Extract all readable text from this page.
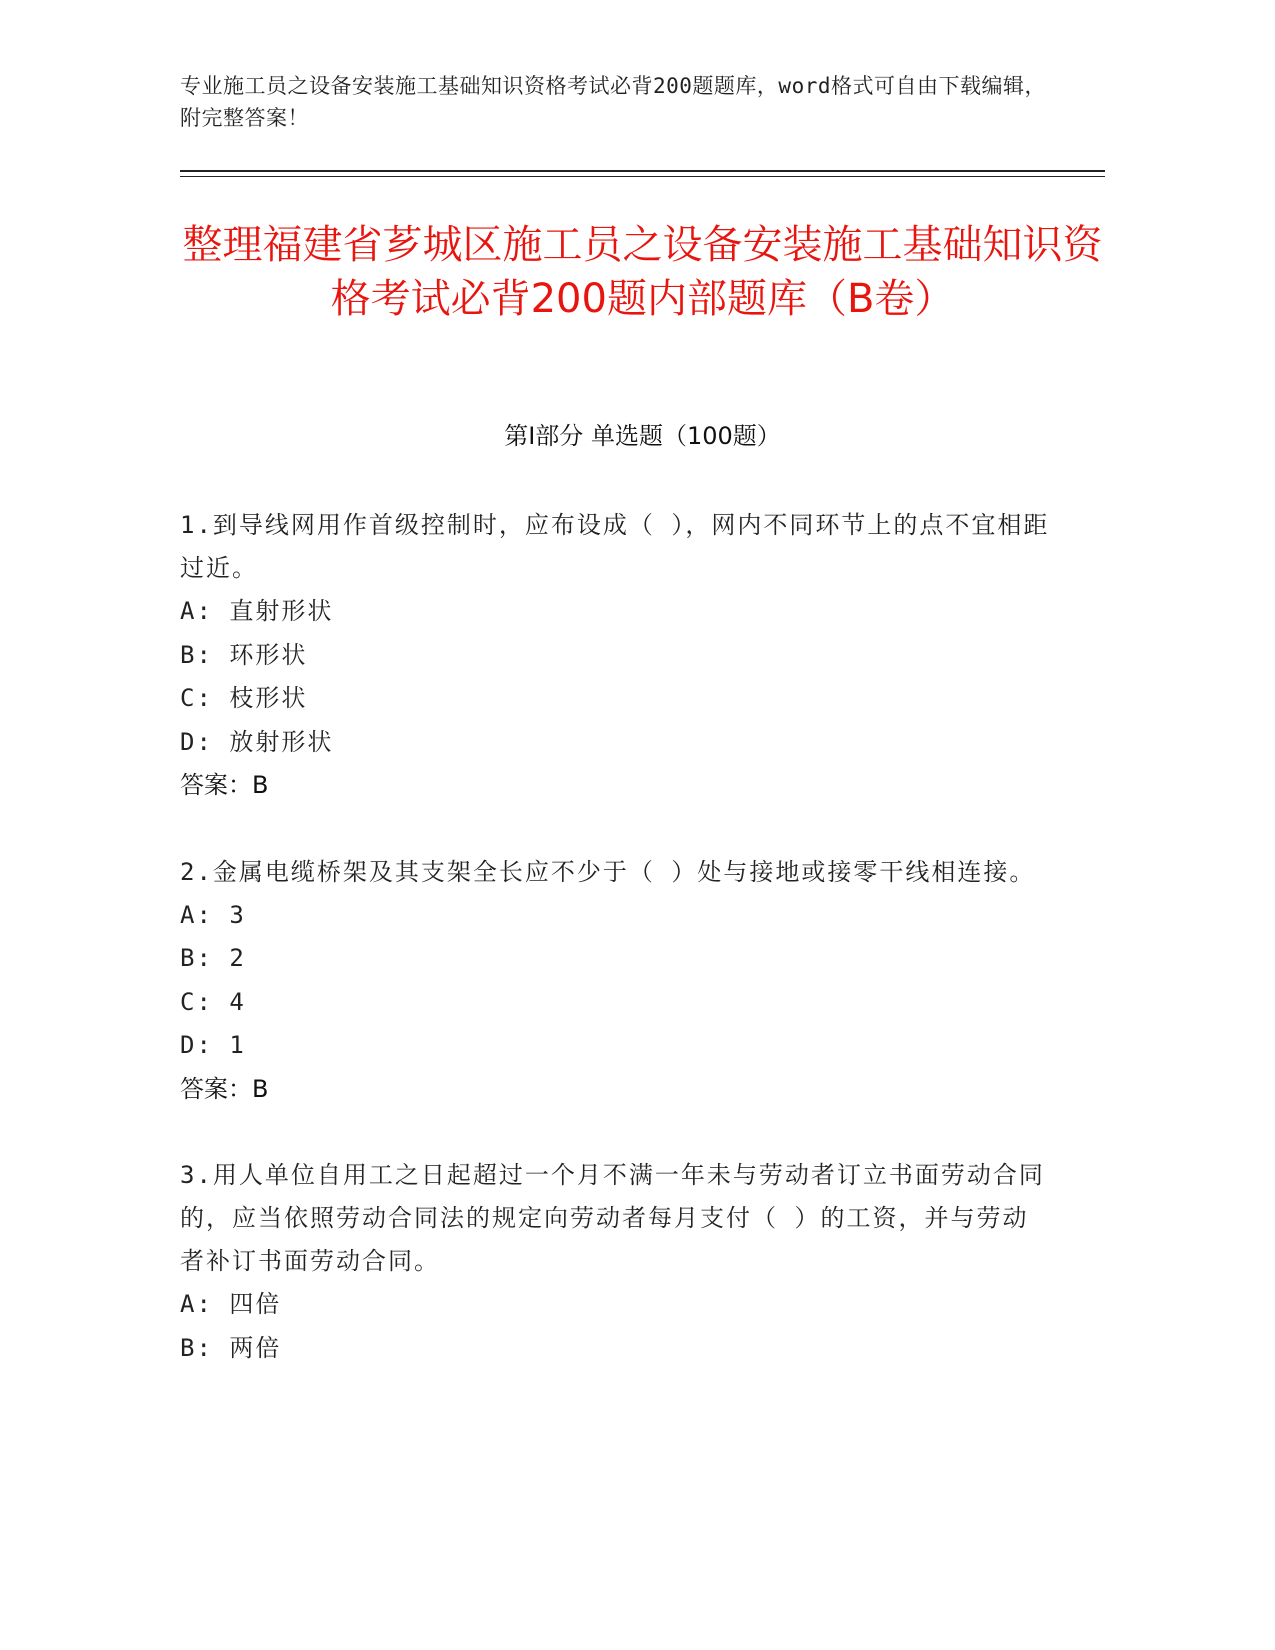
专业施工员之设备安装施工基础知识资格考试必背200题题库，word格式可自由下载编辑，附完整答案！
整理福建省芗城区施工员之设备安装施工基础知识资格考试必背200题内部题库（B卷）
第Ⅰ部分 单选题（100题）
1.到导线网用作首级控制时，应布设成（ ），网内不同环节上的点不宜相距过近。
A: 直射形状
B: 环形状
C: 枝形状
D: 放射形状
答案：B
2.金属电缆桥架及其支架全长应不少于（ ）处与接地或接零干线相连接。
A: 3
B: 2
C: 4
D: 1
答案：B
3.用人单位自用工之日起超过一个月不满一年未与劳动者订立书面劳动合同的，应当依照劳动合同法的规定向劳动者每月支付（ ）的工资，并与劳动者补订书面劳动合同。
A: 四倍
B: 两倍
